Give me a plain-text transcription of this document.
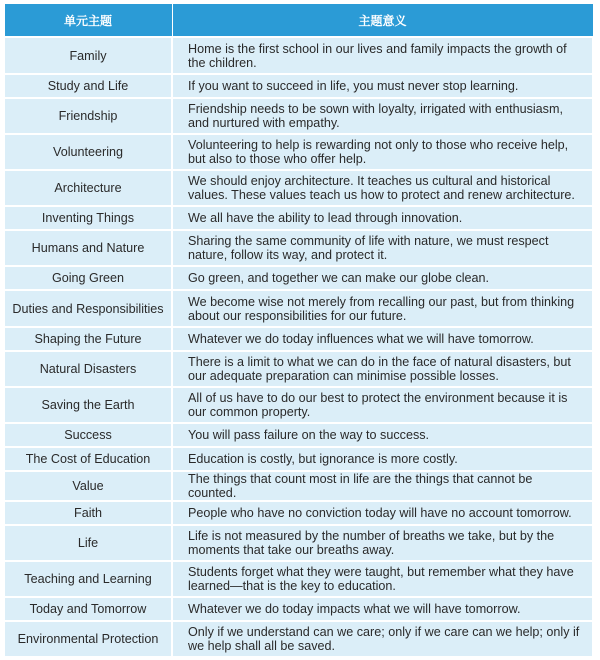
单元主题	主题意义
Family	Home is the first school in our lives and family impacts the growth of the children.
Study and Life	If you want to succeed in life, you must never stop learning.
Friendship	Friendship needs to be sown with loyalty, irrigated with enthusiasm, and nurtured with empathy.
Volunteering	Volunteering to help is rewarding not only to those who receive help, but also to those who offer help.
Architecture	We should enjoy architecture. It teaches us cultural and historical values. These values teach us how to protect and renew architecture.
Inventing Things	We all have the ability to lead through innovation.
Humans and Nature	Sharing the same community of life with nature, we must respect nature, follow its way, and protect it.
Going Green	Go green, and together we can make our globe clean.
Duties and Responsibilities	We become wise not merely from recalling our past, but from thinking about our responsibilities for our future.
Shaping the Future	Whatever we do today influences what we will have tomorrow.
Natural Disasters	There is a limit to what we can do in the face of natural disasters, but our adequate preparation can minimise possible losses.
Saving the Earth	All of us have to do our best to protect the environment because it is our common property.
Success	You will pass failure on the way to success.
The Cost of Education	Education is costly, but ignorance is more costly.
Value	The things that count most in life are the things that cannot be counted.
Faith	People who have no conviction today will have no account tomorrow.
Life	Life is not measured by the number of breaths we take, but by the moments that take our breaths away.
Teaching and Learning	Students forget what they were taught, but remember what they have learned—that is the key to education.
Today and Tomorrow	Whatever we do today impacts what we will have tomorrow.
Environmental Protection	Only if we understand can we care; only if we care can we help; only if we help shall all be saved.
